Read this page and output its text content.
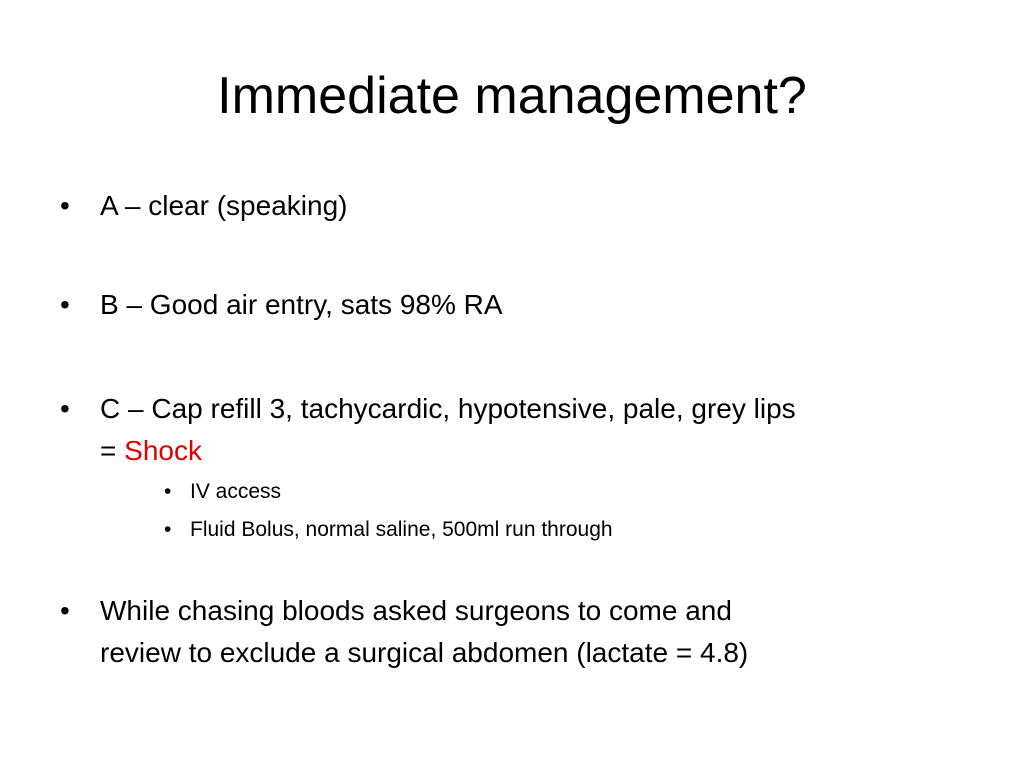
Immediate management?
•	A – clear (speaking)
•	B – Good air entry, sats 98% RA
•	C – Cap refill 3, tachycardic, hypotensive, pale, grey lips
= Shock
• IV access
• Fluid Bolus, normal saline, 500ml run through
•	While chasing bloods asked surgeons to come and
review to exclude a surgical abdomen (lactate = 4.8)
